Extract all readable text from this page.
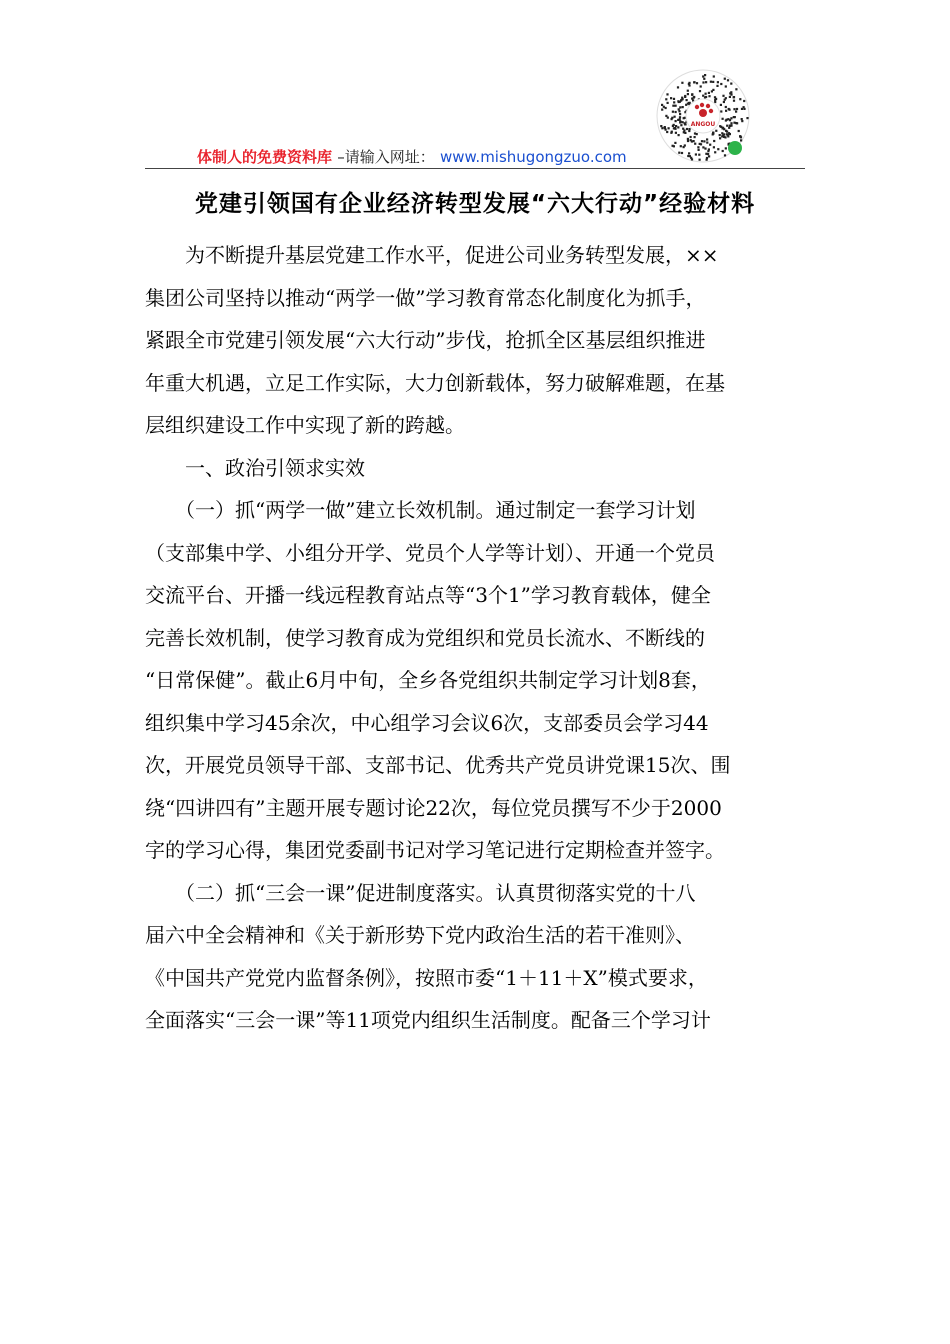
ANGOU
体制人的免费资料库 –请输入网址： www.mishugongzuo.com
党建引领国有企业经济转型发展“六大行动”经验材料

　　为不断提升基层党建工作水平，促进公司业务转型发展，××
集团公司坚持以推动“两学一做”学习教育常态化制度化为抓手，
紧跟全市党建引领发展“六大行动”步伐，抢抓全区基层组织推进
年重大机遇，立足工作实际，大力创新载体，努力破解难题，在基
层组织建设工作中实现了新的跨越。

　　一、政治引领求实效

　　（一）抓“两学一做”建立长效机制。通过制定一套学习计划
（支部集中学、小组分开学、党员个人学等计划）、开通一个党员
交流平台、开播一线远程教育站点等“3个1”学习教育载体，健全
完善长效机制，使学习教育成为党组织和党员长流水、不断线的
“日常保健”。截止6月中旬，全乡各党组织共制定学习计划8套，
组织集中学习45余次，中心组学习会议6次，支部委员会学习44
次，开展党员领导干部、支部书记、优秀共产党员讲党课15次、围
绕“四讲四有”主题开展专题讨论22次，每位党员撰写不少于2000
字的学习心得，集团党委副书记对学习笔记进行定期检查并签字。

　　（二）抓“三会一课”促进制度落实。认真贯彻落实党的十八
届六中全会精神和《关于新形势下党内政治生活的若干准则》、
《中国共产党党内监督条例》，按照市委“1＋11＋X”模式要求，
全面落实“三会一课”等11项党内组织生活制度。配备三个学习计
